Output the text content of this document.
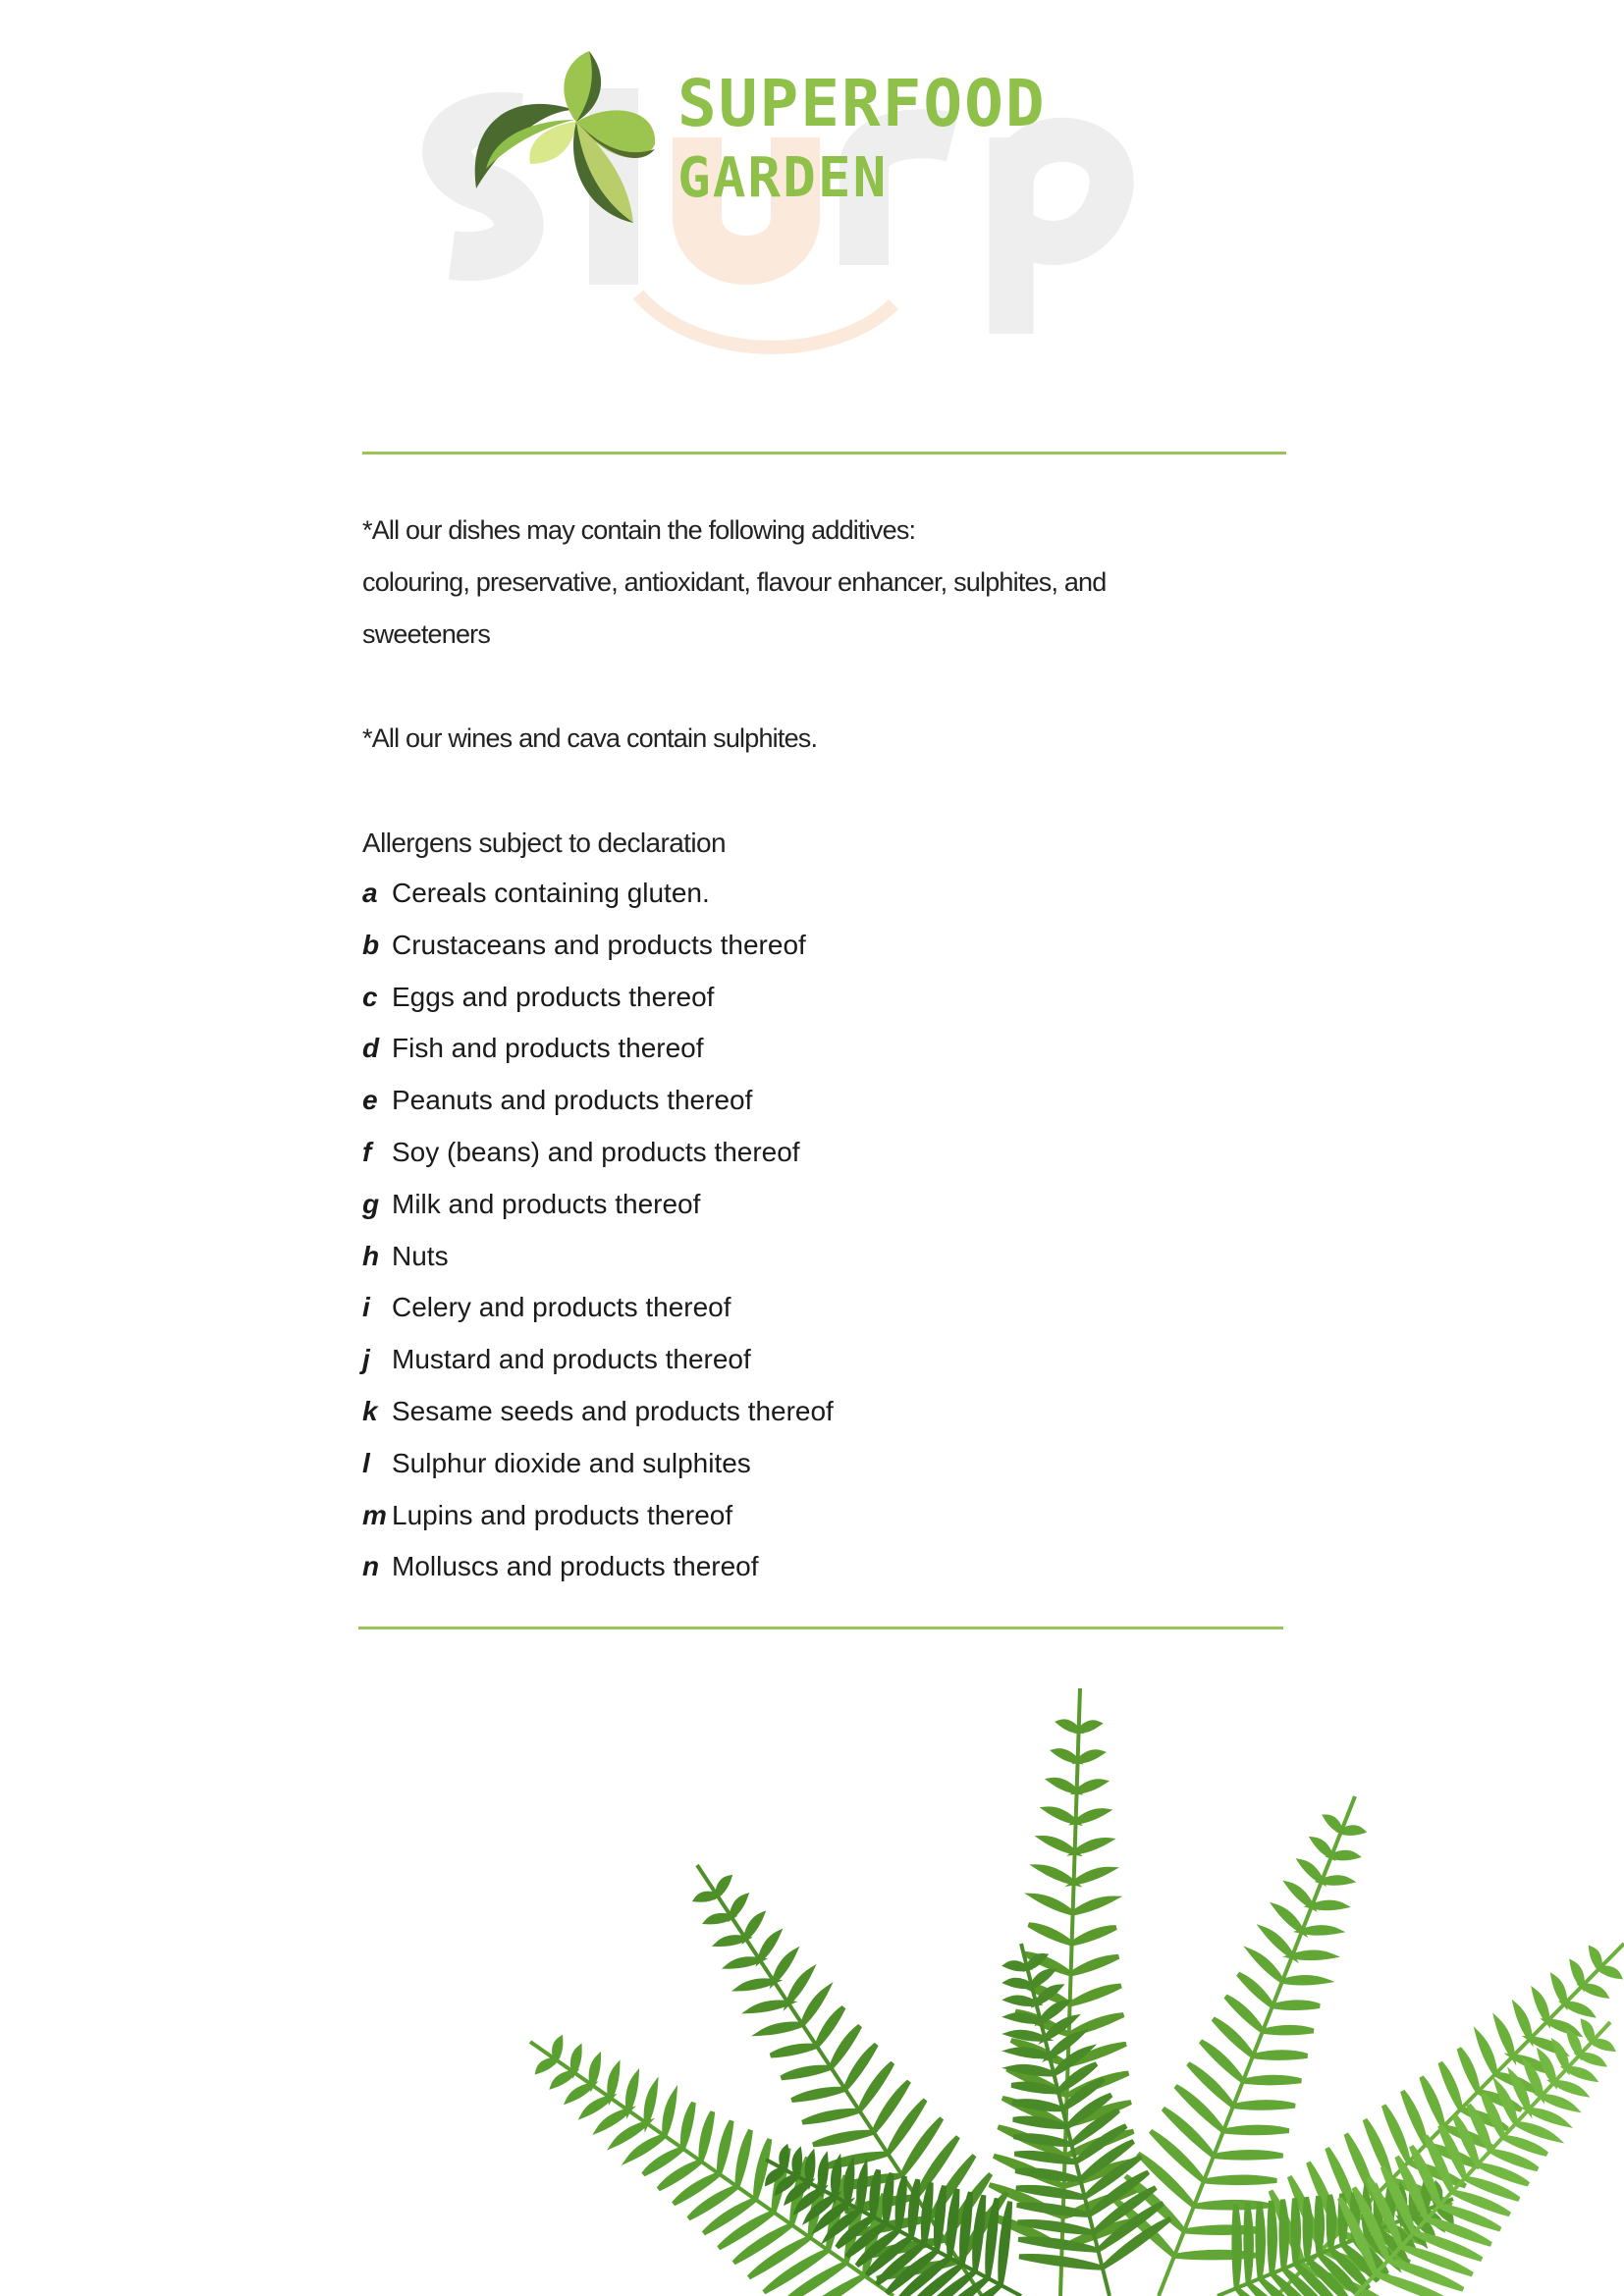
SUPERFOOD
GARDEN
*All our dishes may contain the following additives:
colouring, preservative, antioxidant, flavour enhancer, sulphites, and
sweeteners
*All our wines and cava contain sulphites.
Allergens subject to declaration
a Cereals containing gluten.
b Crustaceans and products thereof
c Eggs and products thereof
d Fish and products thereof
e Peanuts and products thereof
f Soy (beans) and products thereof
g Milk and products thereof
h Nuts
i Celery and products thereof
j Mustard and products thereof
k Sesame seeds and products thereof
l Sulphur dioxide and sulphites
m Lupins and products thereof
n Molluscs and products thereof
